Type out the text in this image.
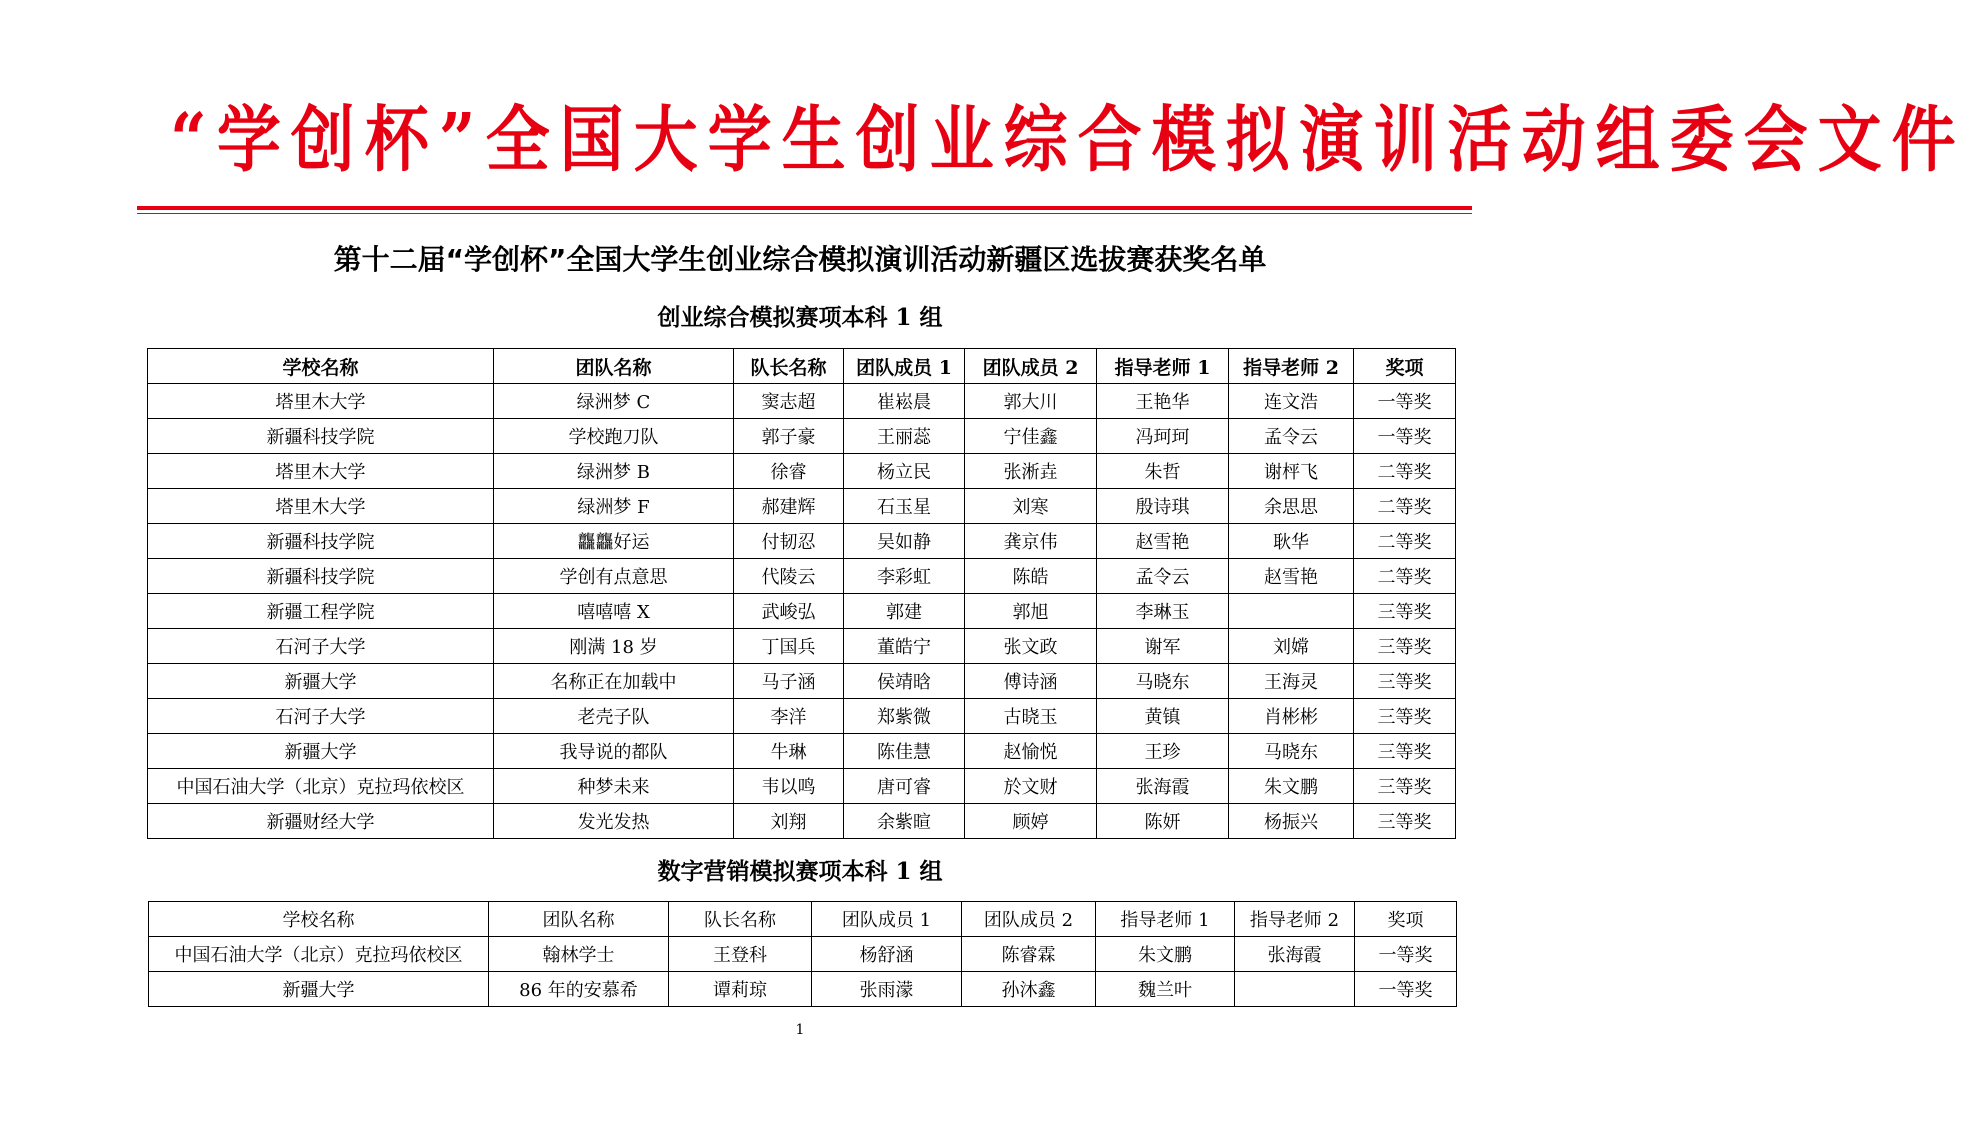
“学创杯”全国大学生创业综合模拟演训活动组委会文件
第十二届“学创杯”全国大学生创业综合模拟演训活动新疆区选拔赛获奖名单
创业综合模拟赛项本科 1 组
学校名称	团队名称	队长名称	团队成员 1	团队成员 2	指导老师 1	指导老师 2	奖项
塔里木大学	绿洲梦 C	窦志超	崔崧晨	郭大川	王艳华	连文浩	一等奖
新疆科技学院	学校跑刀队	郭子豪	王丽蕊	宁佳鑫	冯珂珂	孟令云	一等奖
塔里木大学	绿洲梦 B	徐睿	杨立民	张淅垚	朱哲	谢枰飞	二等奖
塔里木大学	绿洲梦 F	郝建辉	石玉星	刘寒	殷诗琪	余思思	二等奖
新疆科技学院	龘龘好运	付韧忍	吴如静	龚京伟	赵雪艳	耿华	二等奖
新疆科技学院	学创有点意思	代陵云	李彩虹	陈皓	孟令云	赵雪艳	二等奖
新疆工程学院	嘻嘻嘻 X	武峻弘	郭建	郭旭	李琳玉		三等奖
石河子大学	刚满 18 岁	丁国兵	董皓宁	张文政	谢军	刘嫦	三等奖
新疆大学	名称正在加载中	马子涵	侯靖晗	傅诗涵	马晓东	王海灵	三等奖
石河子大学	老壳子队	李洋	郑紫微	古晓玉	黄镇	肖彬彬	三等奖
新疆大学	我导说的都队	牛琳	陈佳慧	赵愉悦	王珍	马晓东	三等奖
中国石油大学（北京）克拉玛依校区	种梦未来	韦以鸣	唐可睿	於文财	张海霞	朱文鹏	三等奖
新疆财经大学	发光发热	刘翔	余紫暄	顾婷	陈妍	杨振兴	三等奖
数字营销模拟赛项本科 1 组
学校名称	团队名称	队长名称	团队成员 1	团队成员 2	指导老师 1	指导老师 2	奖项
中国石油大学（北京）克拉玛依校区	翰林学士	王登科	杨舒涵	陈睿霖	朱文鹏	张海霞	一等奖
新疆大学	86 年的安慕希	谭莉琼	张雨濛	孙沐鑫	魏兰叶		一等奖
1
